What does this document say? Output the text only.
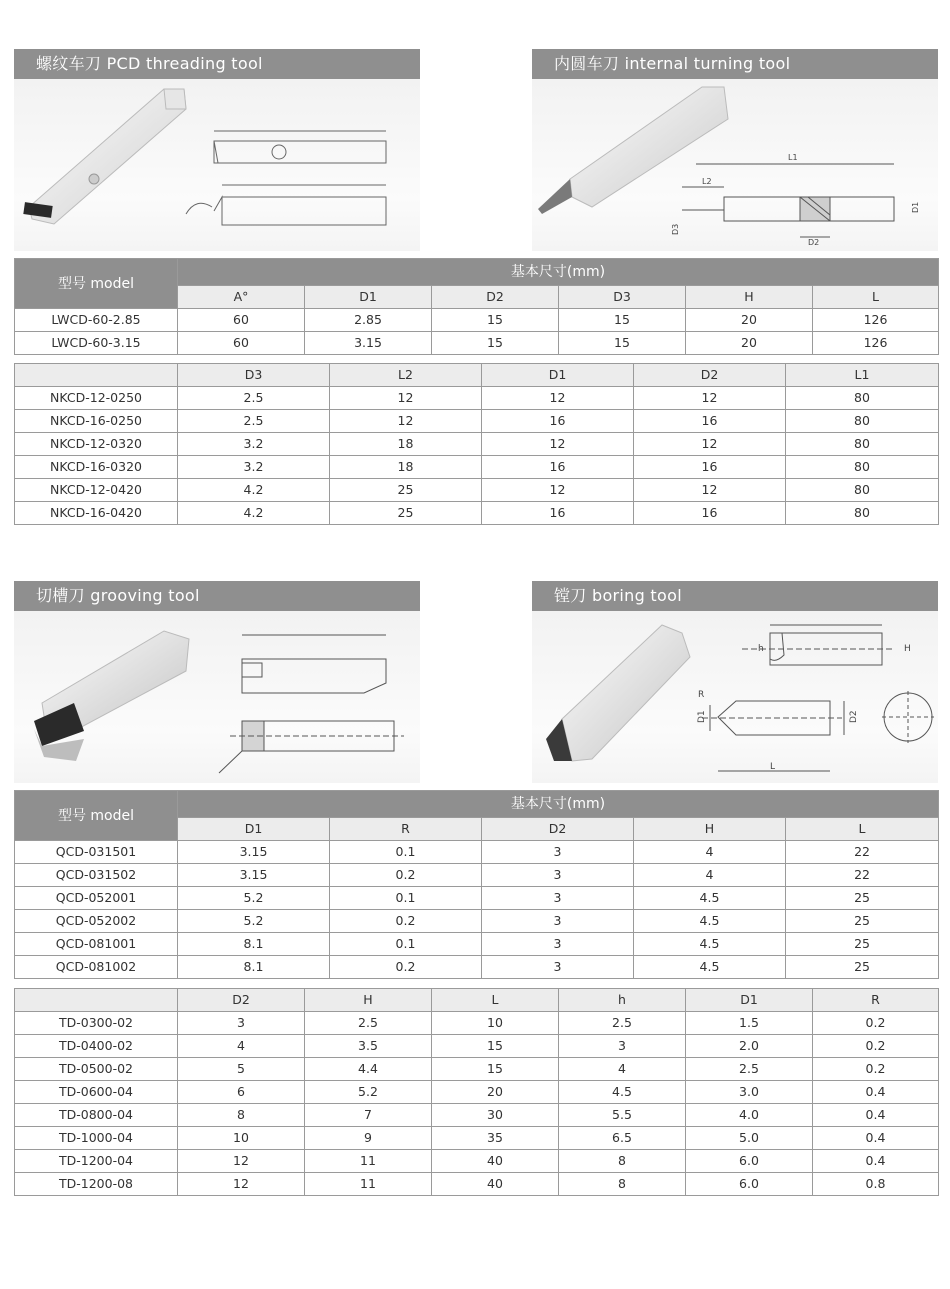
螺纹车刀 PCD threading tool	内圆车刀 internal turning tool
切槽刀 grooving tool	镗刀 boring tool
L1
L2
D2
D1
D3
型号 model	基本尺寸(mm)					
	A°	D1	D2	D3	H	L
LWCD-60-2.85	60	2.85	15	15	20	126
LWCD-60-3.15	60	3.15	15	15	20	126
	D3	L2	D1	D2	L1
NKCD-12-0250	2.5	12	12	12	80
NKCD-16-0250	2.5	12	16	16	80
NKCD-12-0320	3.2	18	12	12	80
NKCD-16-0320	3.2	18	16	16	80
NKCD-12-0420	4.2	25	12	12	80
NKCD-16-0420	4.2	25	16	16	80
h	H
R
L
D2
D1
型号 model	基本尺寸(mm)				
	D1	R	D2	H	L
QCD-031501	3.15	0.1	3	4	22
QCD-031502	3.15	0.2	3	4	22
QCD-052001	5.2	0.1	3	4.5	25
QCD-052002	5.2	0.2	3	4.5	25
QCD-081001	8.1	0.1	3	4.5	25
QCD-081002	8.1	0.2	3	4.5	25
	D2	H	L	h	D1	R
TD-0300-02	3	2.5	10	2.5	1.5	0.2
TD-0400-02	4	3.5	15	3	2.0	0.2
TD-0500-02	5	4.4	15	4	2.5	0.2
TD-0600-04	6	5.2	20	4.5	3.0	0.4
TD-0800-04	8	7	30	5.5	4.0	0.4
TD-1000-04	10	9	35	6.5	5.0	0.4
TD-1200-04	12	11	40	8	6.0	0.4
TD-1200-08	12	11	40	8	6.0	0.8
